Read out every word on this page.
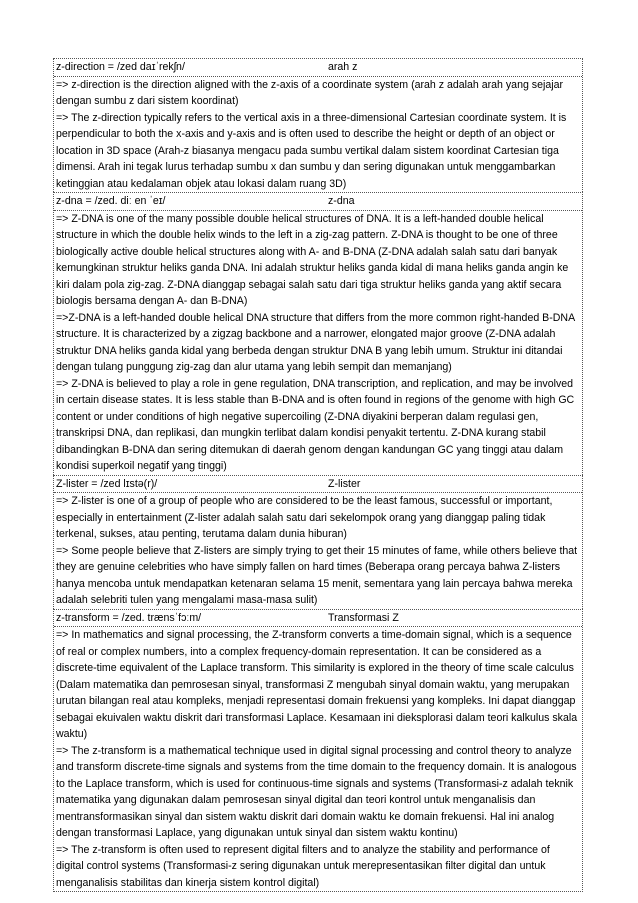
z-direction = /zed daɪˈrekʃn/	arah z

=> z-direction is the direction aligned with the z-axis of a coordinate system (arah z adalah arah yang sejajar dengan sumbu z dari sistem koordinat)

=> The z-direction typically refers to the vertical axis in a three-dimensional Cartesian coordinate system. It is perpendicular to both the x-axis and y-axis and is often used to describe the height or depth of an object or location in 3D space (Arah-z biasanya mengacu pada sumbu vertikal dalam sistem koordinat Cartesian tiga dimensi. Arah ini tegak lurus terhadap sumbu x dan sumbu y dan sering digunakan untuk menggambarkan ketinggian atau kedalaman objek atau lokasi dalam ruang 3D)

z-dna = /zed. diː en ˈeɪ/	z-dna

=> Z-DNA is one of the many possible double helical structures of DNA. It is a left-handed double helical structure in which the double helix winds to the left in a zig-zag pattern. Z-DNA is thought to be one of three biologically active double helical structures along with A- and B-DNA (Z-DNA adalah salah satu dari banyak kemungkinan struktur heliks ganda DNA. Ini adalah struktur heliks ganda kidal di mana heliks ganda angin ke kiri dalam pola zig-zag. Z-DNA dianggap sebagai salah satu dari tiga struktur heliks ganda yang aktif secara biologis bersama dengan A- dan B-DNA)

=>Z-DNA is a left-handed double helical DNA structure that differs from the more common right-handed B-DNA structure. It is characterized by a zigzag backbone and a narrower, elongated major groove (Z-DNA adalah struktur DNA heliks ganda kidal yang berbeda dengan struktur DNA B yang lebih umum. Struktur ini ditandai dengan tulang punggung zig-zag dan alur utama yang lebih sempit dan memanjang)

=> Z-DNA is believed to play a role in gene regulation, DNA transcription, and replication, and may be involved in certain disease states. It is less stable than B-DNA and is often found in regions of the genome with high GC content or under conditions of high negative supercoiling (Z-DNA diyakini berperan dalam regulasi gen, transkripsi DNA, dan replikasi, dan mungkin terlibat dalam kondisi penyakit tertentu. Z-DNA kurang stabil dibandingkan B-DNA dan sering ditemukan di daerah genom dengan kandungan GC yang tinggi atau dalam kondisi superkoil negatif yang tinggi)

Z-lister = /zed lɪstə(r)/	Z-lister

=> Z-lister is one of a group of people who are considered to be the least famous, successful or important, especially in entertainment (Z-lister adalah salah satu dari sekelompok orang yang dianggap paling tidak terkenal, sukses, atau penting, terutama dalam dunia hiburan)

=> Some people believe that Z-listers are simply trying to get their 15 minutes of fame, while others believe that they are genuine celebrities who have simply fallen on hard times (Beberapa orang percaya bahwa Z-listers hanya mencoba untuk mendapatkan ketenaran selama 15 menit, sementara yang lain percaya bahwa mereka adalah selebriti tulen yang mengalami masa-masa sulit)

z-transform = /zed. trænsˈfɔːm/	Transformasi Z

=> In mathematics and signal processing, the Z-transform converts a time-domain signal, which is a sequence of real or complex numbers, into a complex frequency-domain representation. It can be considered as a discrete-time equivalent of the Laplace transform. This similarity is explored in the theory of time scale calculus (Dalam matematika dan pemrosesan sinyal, transformasi Z mengubah sinyal domain waktu, yang merupakan urutan bilangan real atau kompleks, menjadi representasi domain frekuensi yang kompleks. Ini dapat dianggap sebagai ekuivalen waktu diskrit dari transformasi Laplace. Kesamaan ini dieksplorasi dalam teori kalkulus skala waktu)

=> The z-transform is a mathematical technique used in digital signal processing and control theory to analyze and transform discrete-time signals and systems from the time domain to the frequency domain. It is analogous to the Laplace transform, which is used for continuous-time signals and systems (Transformasi-z adalah teknik matematika yang digunakan dalam pemrosesan sinyal digital dan teori kontrol untuk menganalisis dan mentransformasikan sinyal dan sistem waktu diskrit dari domain waktu ke domain frekuensi. Hal ini analog dengan transformasi Laplace, yang digunakan untuk sinyal dan sistem waktu kontinu)

=> The z-transform is often used to represent digital filters and to analyze the stability and performance of digital control systems (Transformasi-z sering digunakan untuk merepresentasikan filter digital dan untuk menganalisis stabilitas dan kinerja sistem kontrol digital)
